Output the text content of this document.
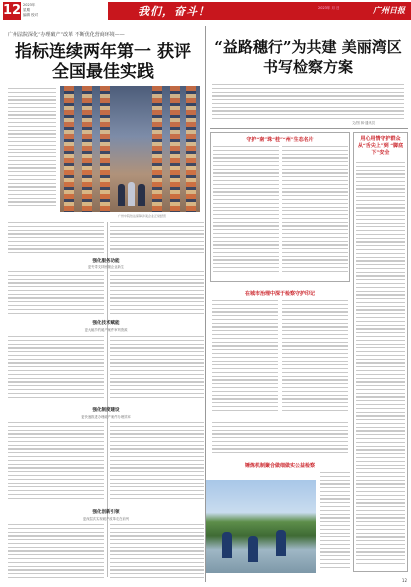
12 2023年
星期
编辑 校对	我们，奋斗！	2023年 月 日	广州日报
广州法院深化“办理破产”改革 不断优化营商环境——
指标连续两年第一 获评全国最佳实践
广州中院依法保障涉案企业正常经营
强化服务功能
更夹带支持困境企业新生
强化技术赋能
更大幅节约破产案件审判资源
强化制度建设
更快速推进办理破产案件办理效率
强化创新引领
更深层次实现破产改革走在前列
“益路穗行”为共建 美丽湾区书写检察方案
文/图 林·通讯员
守护“南”珠“桂”“州”生态名片	用心用情守护群众 从“舌尖上”到 “脚底下”安全
在城市治理中深于检察守护印记
锤炼机制聚合做细做实公益检察
12
